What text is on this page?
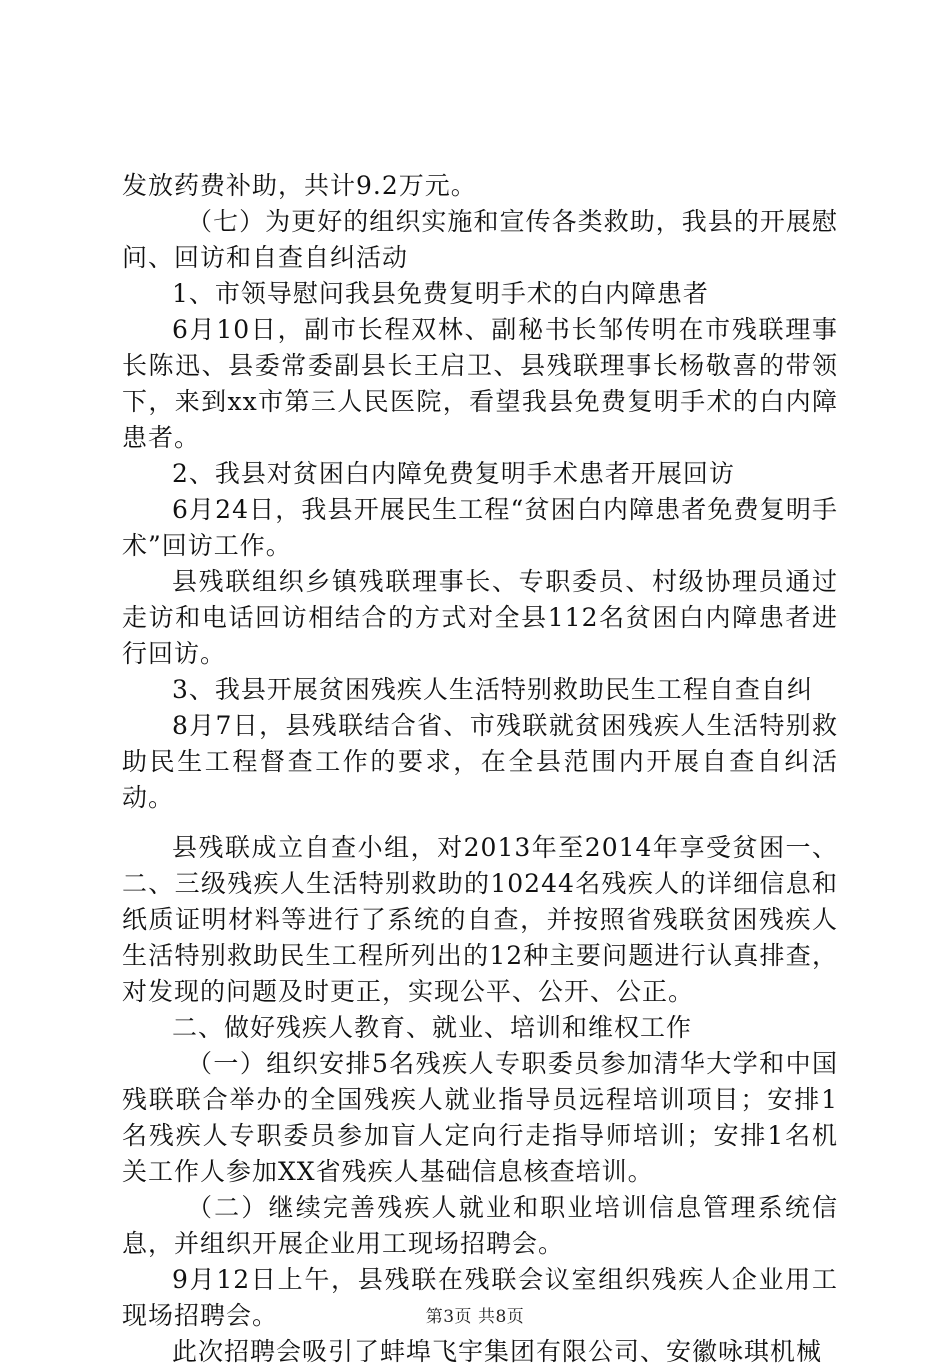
发放药费补助，共计9.2万元。

（七）为更好的组织实施和宣传各类救助，我县的开展慰问、回访和自查自纠活动

1、市领导慰问我县免费复明手术的白内障患者

6月10日，副市长程双林、副秘书长邹传明在市残联理事长陈迅、县委常委副县长王启卫、县残联理事长杨敬喜的带领下，来到xx市第三人民医院，看望我县免费复明手术的白内障患者。

2、我县对贫困白内障免费复明手术患者开展回访

6月24日，我县开展民生工程“贫困白内障患者免费复明手术”回访工作。

县残联组织乡镇残联理事长、专职委员、村级协理员通过走访和电话回访相结合的方式对全县112名贫困白内障患者进行回访。

3、我县开展贫困残疾人生活特别救助民生工程自查自纠

8月7日，县残联结合省、市残联就贫困残疾人生活特别救助民生工程督查工作的要求，在全县范围内开展自查自纠活动。

县残联成立自查小组，对2013年至2014年享受贫困一、二、三级残疾人生活特别救助的10244名残疾人的详细信息和纸质证明材料等进行了系统的自查，并按照省残联贫困残疾人生活特别救助民生工程所列出的12种主要问题进行认真排查，对发现的问题及时更正，实现公平、公开、公正。

二、做好残疾人教育、就业、培训和维权工作

（一）组织安排5名残疾人专职委员参加清华大学和中国残联联合举办的全国残疾人就业指导员远程培训项目；安排1名残疾人专职委员参加盲人定向行走指导师培训；安排1名机关工作人参加XX省残疾人基础信息核查培训。

（二）继续完善残疾人就业和职业培训信息管理系统信息，并组织开展企业用工现场招聘会。

9月12日上午，县残联在残联会议室组织残疾人企业用工现场招聘会。

此次招聘会吸引了蚌埠飞宇集团有限公司、安徽咏琪机械

第3页 共8页
